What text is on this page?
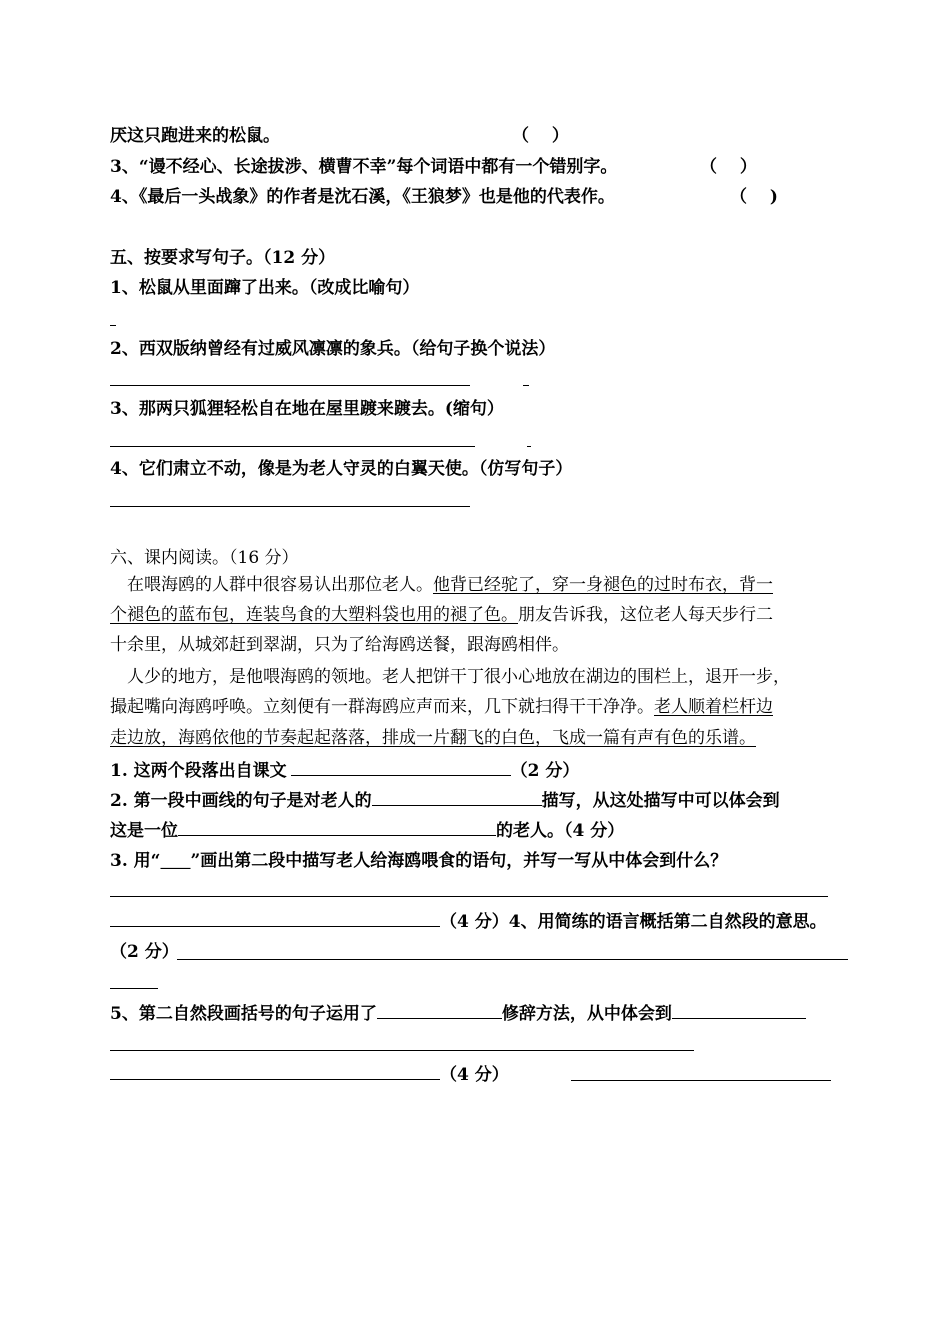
厌这只跑进来的松鼠。	（　 ）
3、“谩不经心、长途拔涉、横曹不幸”每个词语中都有一个错别字。	（　 ）
4、《最后一头战象》的作者是沈石溪，《王狼梦》也是他的代表作。	（　 )
五、按要求写句子。（12 分）
1、松鼠从里面蹿了出来。（改成比喻句）
2、西双版纳曾经有过威风凛凛的象兵。（给句子换个说法）
3、那两只狐狸轻松自在地在屋里踱来踱去。(缩句）
4、它们肃立不动，像是为老人守灵的白翼天使。（仿写句子）
六、课内阅读。（16 分）
在喂海鸥的人群中很容易认出那位老人。他背已经驼了，穿一身褪色的过时布衣，背一
个褪色的蓝布包，连装鸟食的大塑料袋也用的褪了色。朋友告诉我，这位老人每天步行二
十余里，从城郊赶到翠湖，只为了给海鸥送餐，跟海鸥相伴。
人少的地方，是他喂海鸥的领地。老人把饼干丁很小心地放在湖边的围栏上，退开一步，
撮起嘴向海鸥呼唤。立刻便有一群海鸥应声而来，几下就扫得干干净净。老人顺着栏杆边
走边放，海鸥依他的节奏起起落落，排成一片翻飞的白色，飞成一篇有声有色的乐谱。
1. 这两个段落出自课文	（2 分）
2. 第一段中画线的句子是对老人的	描写，从这处描写中可以体会到
这是一位	的老人。（4 分）
3. 用“_____”画出第二段中描写老人给海鸥喂食的语句，并写一写从中体会到什么？
（4 分）4、用简练的语言概括第二自然段的意思。
（2 分）
5、第二自然段画括号的句子运用了	修辞方法，从中体会到
（4 分）
